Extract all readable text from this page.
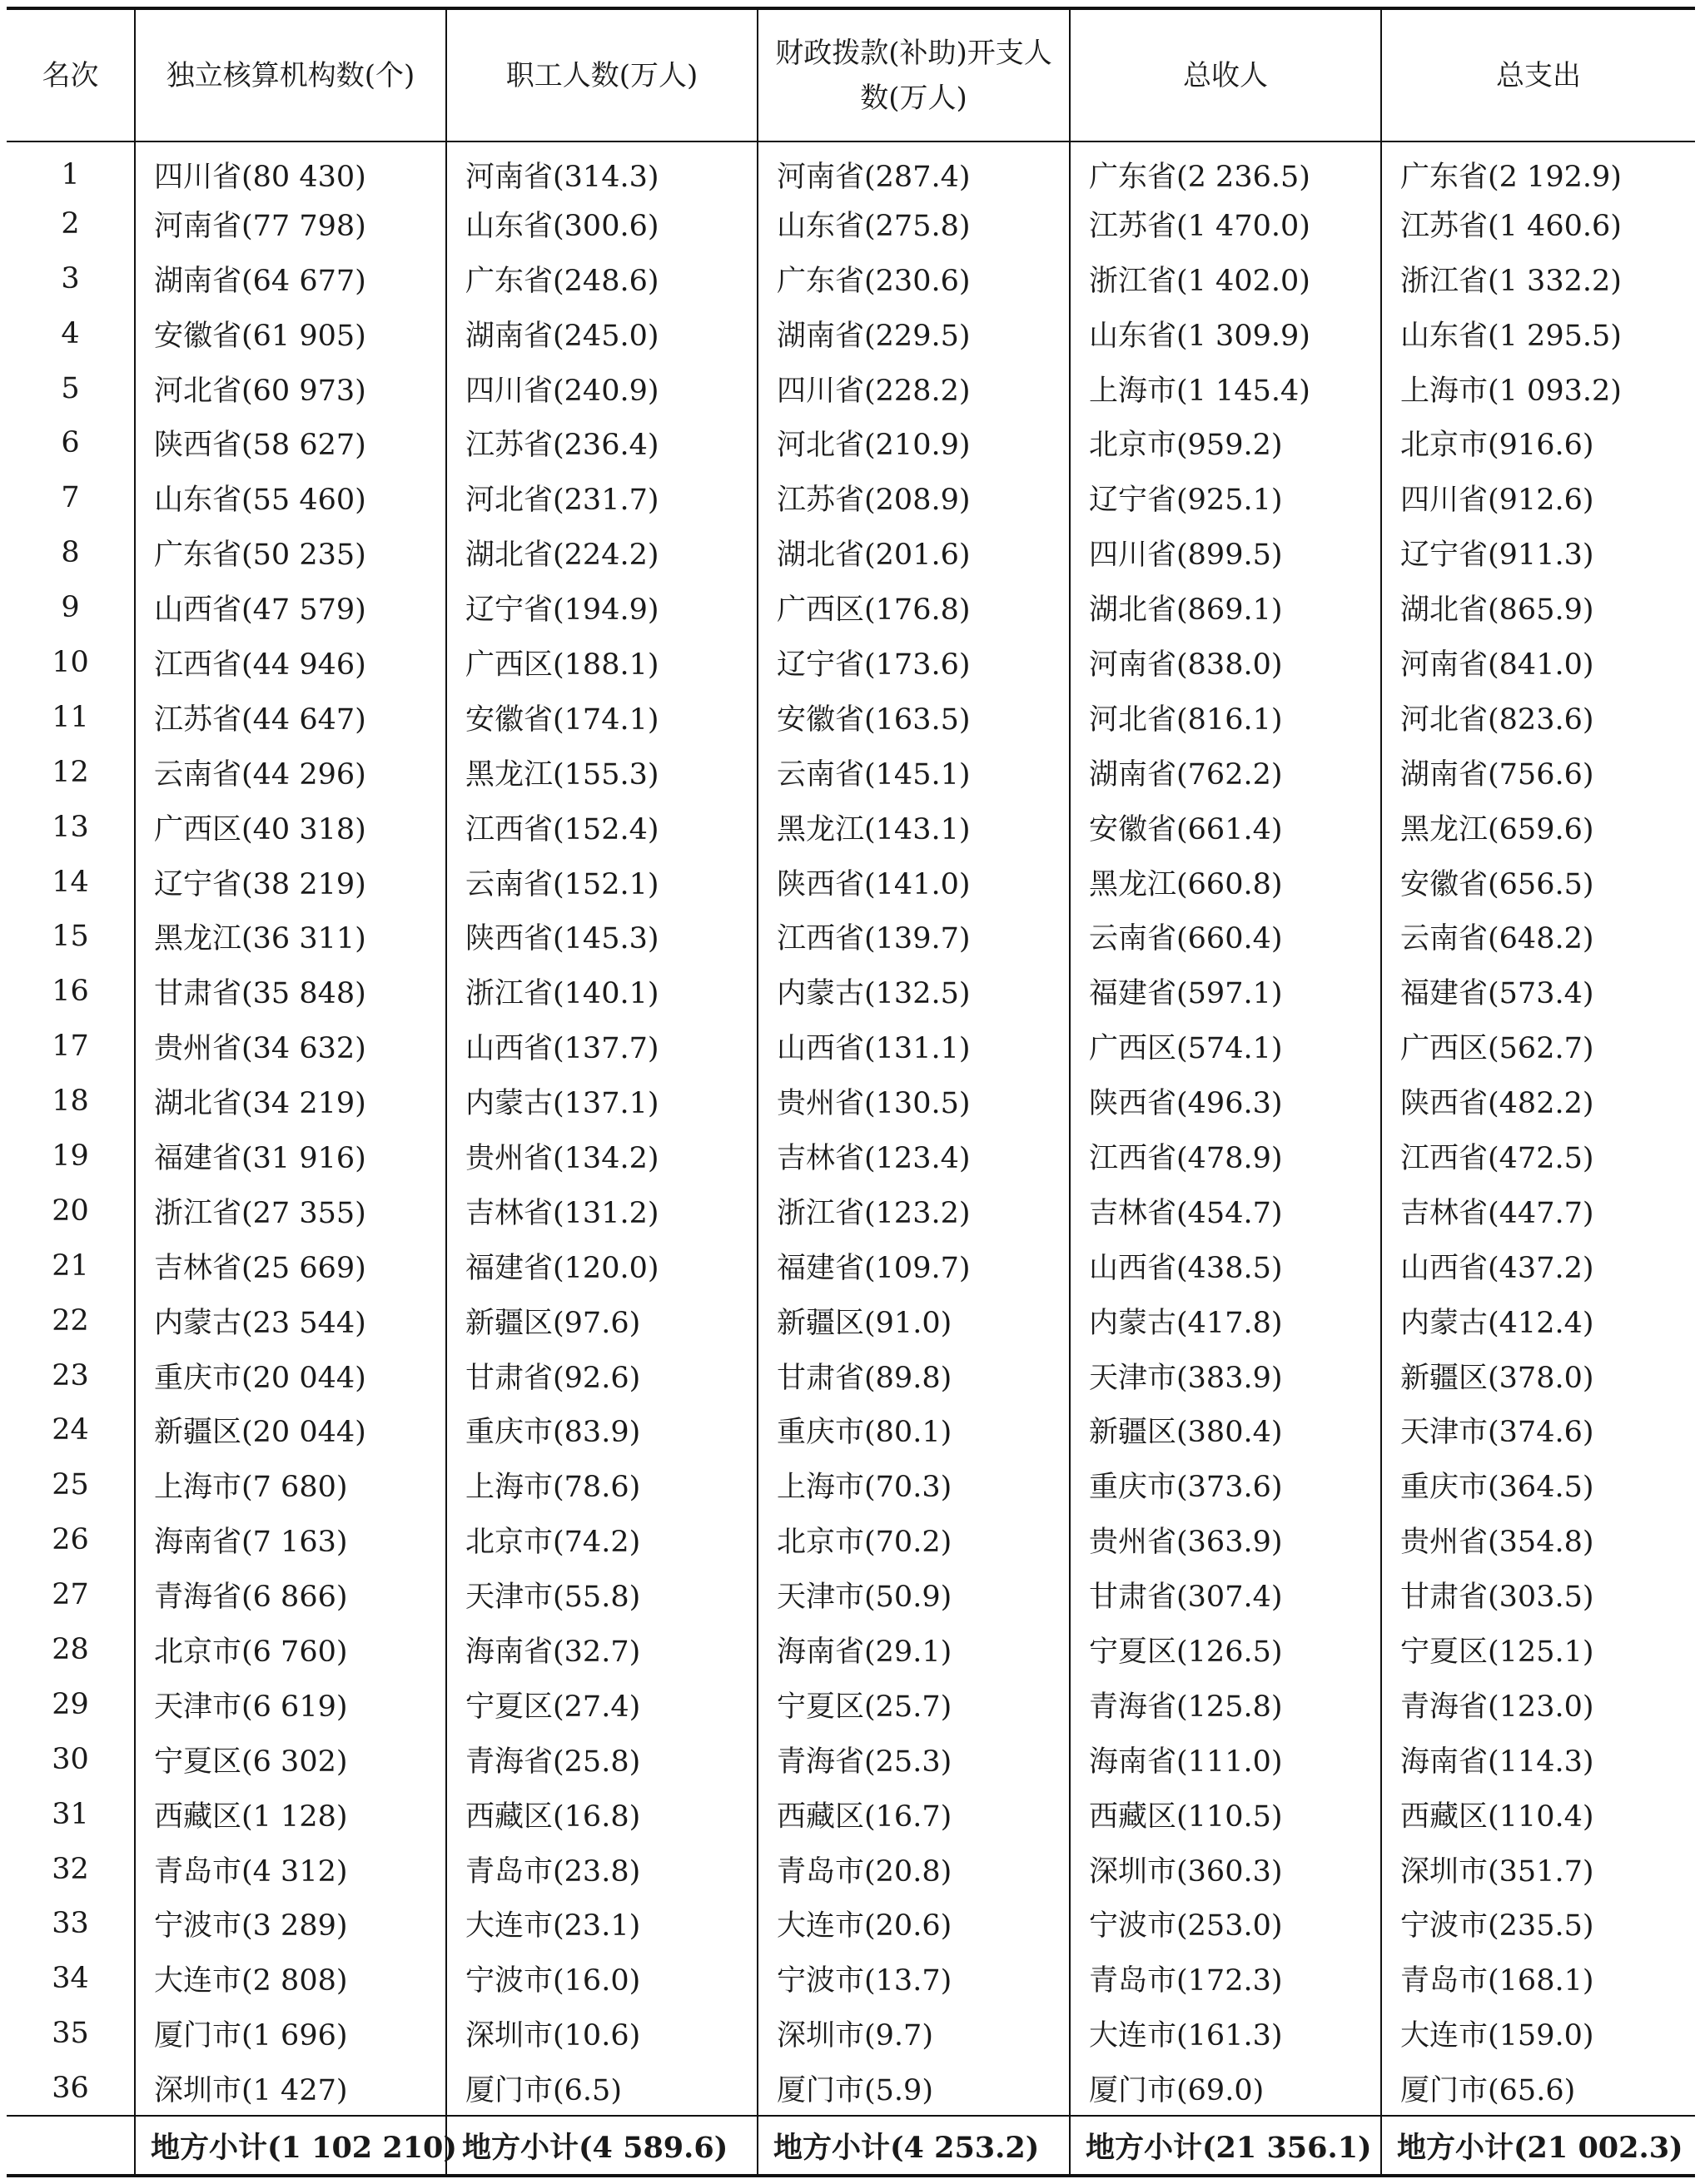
名次	独立核算机构数(个)	职工人数(万人)	财政拨款(补助)开支人数(万人)	总收人	总支出
1	四川省(80 430)	河南省(314.3)	河南省(287.4)	广东省(2 236.5)	广东省(2 192.9)
2	河南省(77 798)	山东省(300.6)	山东省(275.8)	江苏省(1 470.0)	江苏省(1 460.6)
3	湖南省(64 677)	广东省(248.6)	广东省(230.6)	浙江省(1 402.0)	浙江省(1 332.2)
4	安徽省(61 905)	湖南省(245.0)	湖南省(229.5)	山东省(1 309.9)	山东省(1 295.5)
5	河北省(60 973)	四川省(240.9)	四川省(228.2)	上海市(1 145.4)	上海市(1 093.2)
6	陕西省(58 627)	江苏省(236.4)	河北省(210.9)	北京市(959.2)	北京市(916.6)
7	山东省(55 460)	河北省(231.7)	江苏省(208.9)	辽宁省(925.1)	四川省(912.6)
8	广东省(50 235)	湖北省(224.2)	湖北省(201.6)	四川省(899.5)	辽宁省(911.3)
9	山西省(47 579)	辽宁省(194.9)	广西区(176.8)	湖北省(869.1)	湖北省(865.9)
10	江西省(44 946)	广西区(188.1)	辽宁省(173.6)	河南省(838.0)	河南省(841.0)
11	江苏省(44 647)	安徽省(174.1)	安徽省(163.5)	河北省(816.1)	河北省(823.6)
12	云南省(44 296)	黑龙江(155.3)	云南省(145.1)	湖南省(762.2)	湖南省(756.6)
13	广西区(40 318)	江西省(152.4)	黑龙江(143.1)	安徽省(661.4)	黑龙江(659.6)
14	辽宁省(38 219)	云南省(152.1)	陕西省(141.0)	黑龙江(660.8)	安徽省(656.5)
15	黑龙江(36 311)	陕西省(145.3)	江西省(139.7)	云南省(660.4)	云南省(648.2)
16	甘肃省(35 848)	浙江省(140.1)	内蒙古(132.5)	福建省(597.1)	福建省(573.4)
17	贵州省(34 632)	山西省(137.7)	山西省(131.1)	广西区(574.1)	广西区(562.7)
18	湖北省(34 219)	内蒙古(137.1)	贵州省(130.5)	陕西省(496.3)	陕西省(482.2)
19	福建省(31 916)	贵州省(134.2)	吉林省(123.4)	江西省(478.9)	江西省(472.5)
20	浙江省(27 355)	吉林省(131.2)	浙江省(123.2)	吉林省(454.7)	吉林省(447.7)
21	吉林省(25 669)	福建省(120.0)	福建省(109.7)	山西省(438.5)	山西省(437.2)
22	内蒙古(23 544)	新疆区(97.6)	新疆区(91.0)	内蒙古(417.8)	内蒙古(412.4)
23	重庆市(20 044)	甘肃省(92.6)	甘肃省(89.8)	天津市(383.9)	新疆区(378.0)
24	新疆区(20 044)	重庆市(83.9)	重庆市(80.1)	新疆区(380.4)	天津市(374.6)
25	上海市(7 680)	上海市(78.6)	上海市(70.3)	重庆市(373.6)	重庆市(364.5)
26	海南省(7 163)	北京市(74.2)	北京市(70.2)	贵州省(363.9)	贵州省(354.8)
27	青海省(6 866)	天津市(55.8)	天津市(50.9)	甘肃省(307.4)	甘肃省(303.5)
28	北京市(6 760)	海南省(32.7)	海南省(29.1)	宁夏区(126.5)	宁夏区(125.1)
29	天津市(6 619)	宁夏区(27.4)	宁夏区(25.7)	青海省(125.8)	青海省(123.0)
30	宁夏区(6 302)	青海省(25.8)	青海省(25.3)	海南省(111.0)	海南省(114.3)
31	西藏区(1 128)	西藏区(16.8)	西藏区(16.7)	西藏区(110.5)	西藏区(110.4)
32	青岛市(4 312)	青岛市(23.8)	青岛市(20.8)	深圳市(360.3)	深圳市(351.7)
33	宁波市(3 289)	大连市(23.1)	大连市(20.6)	宁波市(253.0)	宁波市(235.5)
34	大连市(2 808)	宁波市(16.0)	宁波市(13.7)	青岛市(172.3)	青岛市(168.1)
35	厦门市(1 696)	深圳市(10.6)	深圳市(9.7)	大连市(161.3)	大连市(159.0)
36	深圳市(1 427)	厦门市(6.5)	厦门市(5.9)	厦门市(69.0)	厦门市(65.6)
	地方小计(1 102 210)	地方小计(4 589.6)	地方小计(4 253.2)	地方小计(21 356.1)	地方小计(21 002.3)
